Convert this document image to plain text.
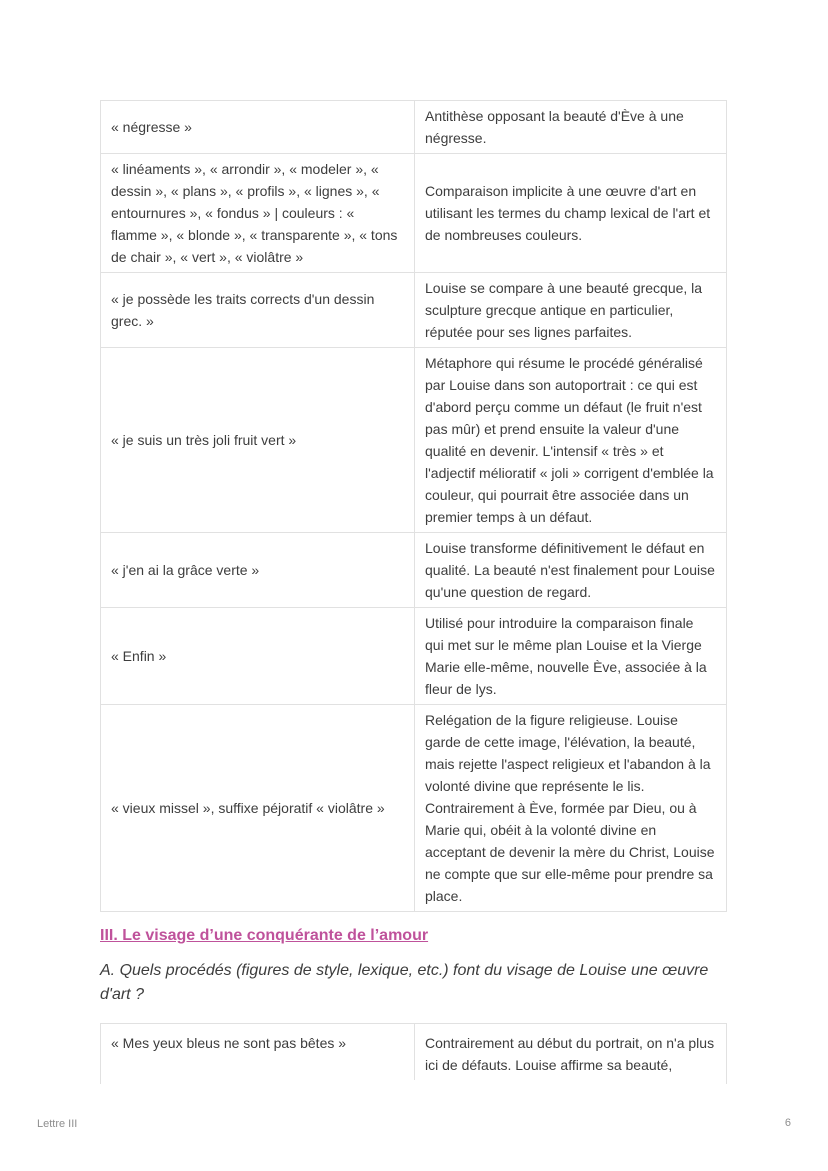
« négresse »
Antithèse opposant la beauté d'Ève à une négresse.
« linéaments », « arrondir », « modeler », « dessin », « plans », « profils », « lignes », « entournures », « fondus » | couleurs : « flamme », « blonde », « transparente », « tons de chair », « vert », « violâtre »
Comparaison implicite à une œuvre d'art en utilisant les termes du champ lexical de l'art et de nombreuses couleurs.
« je possède les traits corrects d'un dessin grec. »
Louise se compare à une beauté grecque, la sculpture grecque antique en particulier, réputée pour ses lignes parfaites.
« je suis un très joli fruit vert »
Métaphore qui résume le procédé généralisé par Louise dans son autoportrait : ce qui est d'abord perçu comme un défaut (le fruit n'est pas mûr) et prend ensuite la valeur d'une qualité en devenir. L'intensif « très » et l'adjectif mélioratif « joli » corrigent d'emblée la couleur, qui pourrait être associée dans un premier temps à un défaut.
« j'en ai la grâce verte »
Louise transforme définitivement le défaut en qualité. La beauté n'est finalement pour Louise qu'une question de regard.
« Enfin »
Utilisé pour introduire la comparaison finale qui met sur le même plan Louise et la Vierge Marie elle-même, nouvelle Ève, associée à la fleur de lys.
« vieux missel », suffixe péjoratif « violâtre »
Relégation de la figure religieuse. Louise garde de cette image, l'élévation, la beauté, mais rejette l'aspect religieux et l'abandon à la volonté divine que représente le lis. Contrairement à Ève, formée par Dieu, ou à Marie qui, obéit à la volonté divine en acceptant de devenir la mère du Christ, Louise ne compte que sur elle-même pour prendre sa place.
III. Le visage d’une conquérante de l’amour

A. Quels procédés (figures de style, lexique, etc.) font du visage de Louise une œuvre d'art ?

« Mes yeux bleus ne sont pas bêtes »	Contrairement au début du portrait, on n'a plus ici de défauts. Louise affirme sa beauté,
Lettre III	6
